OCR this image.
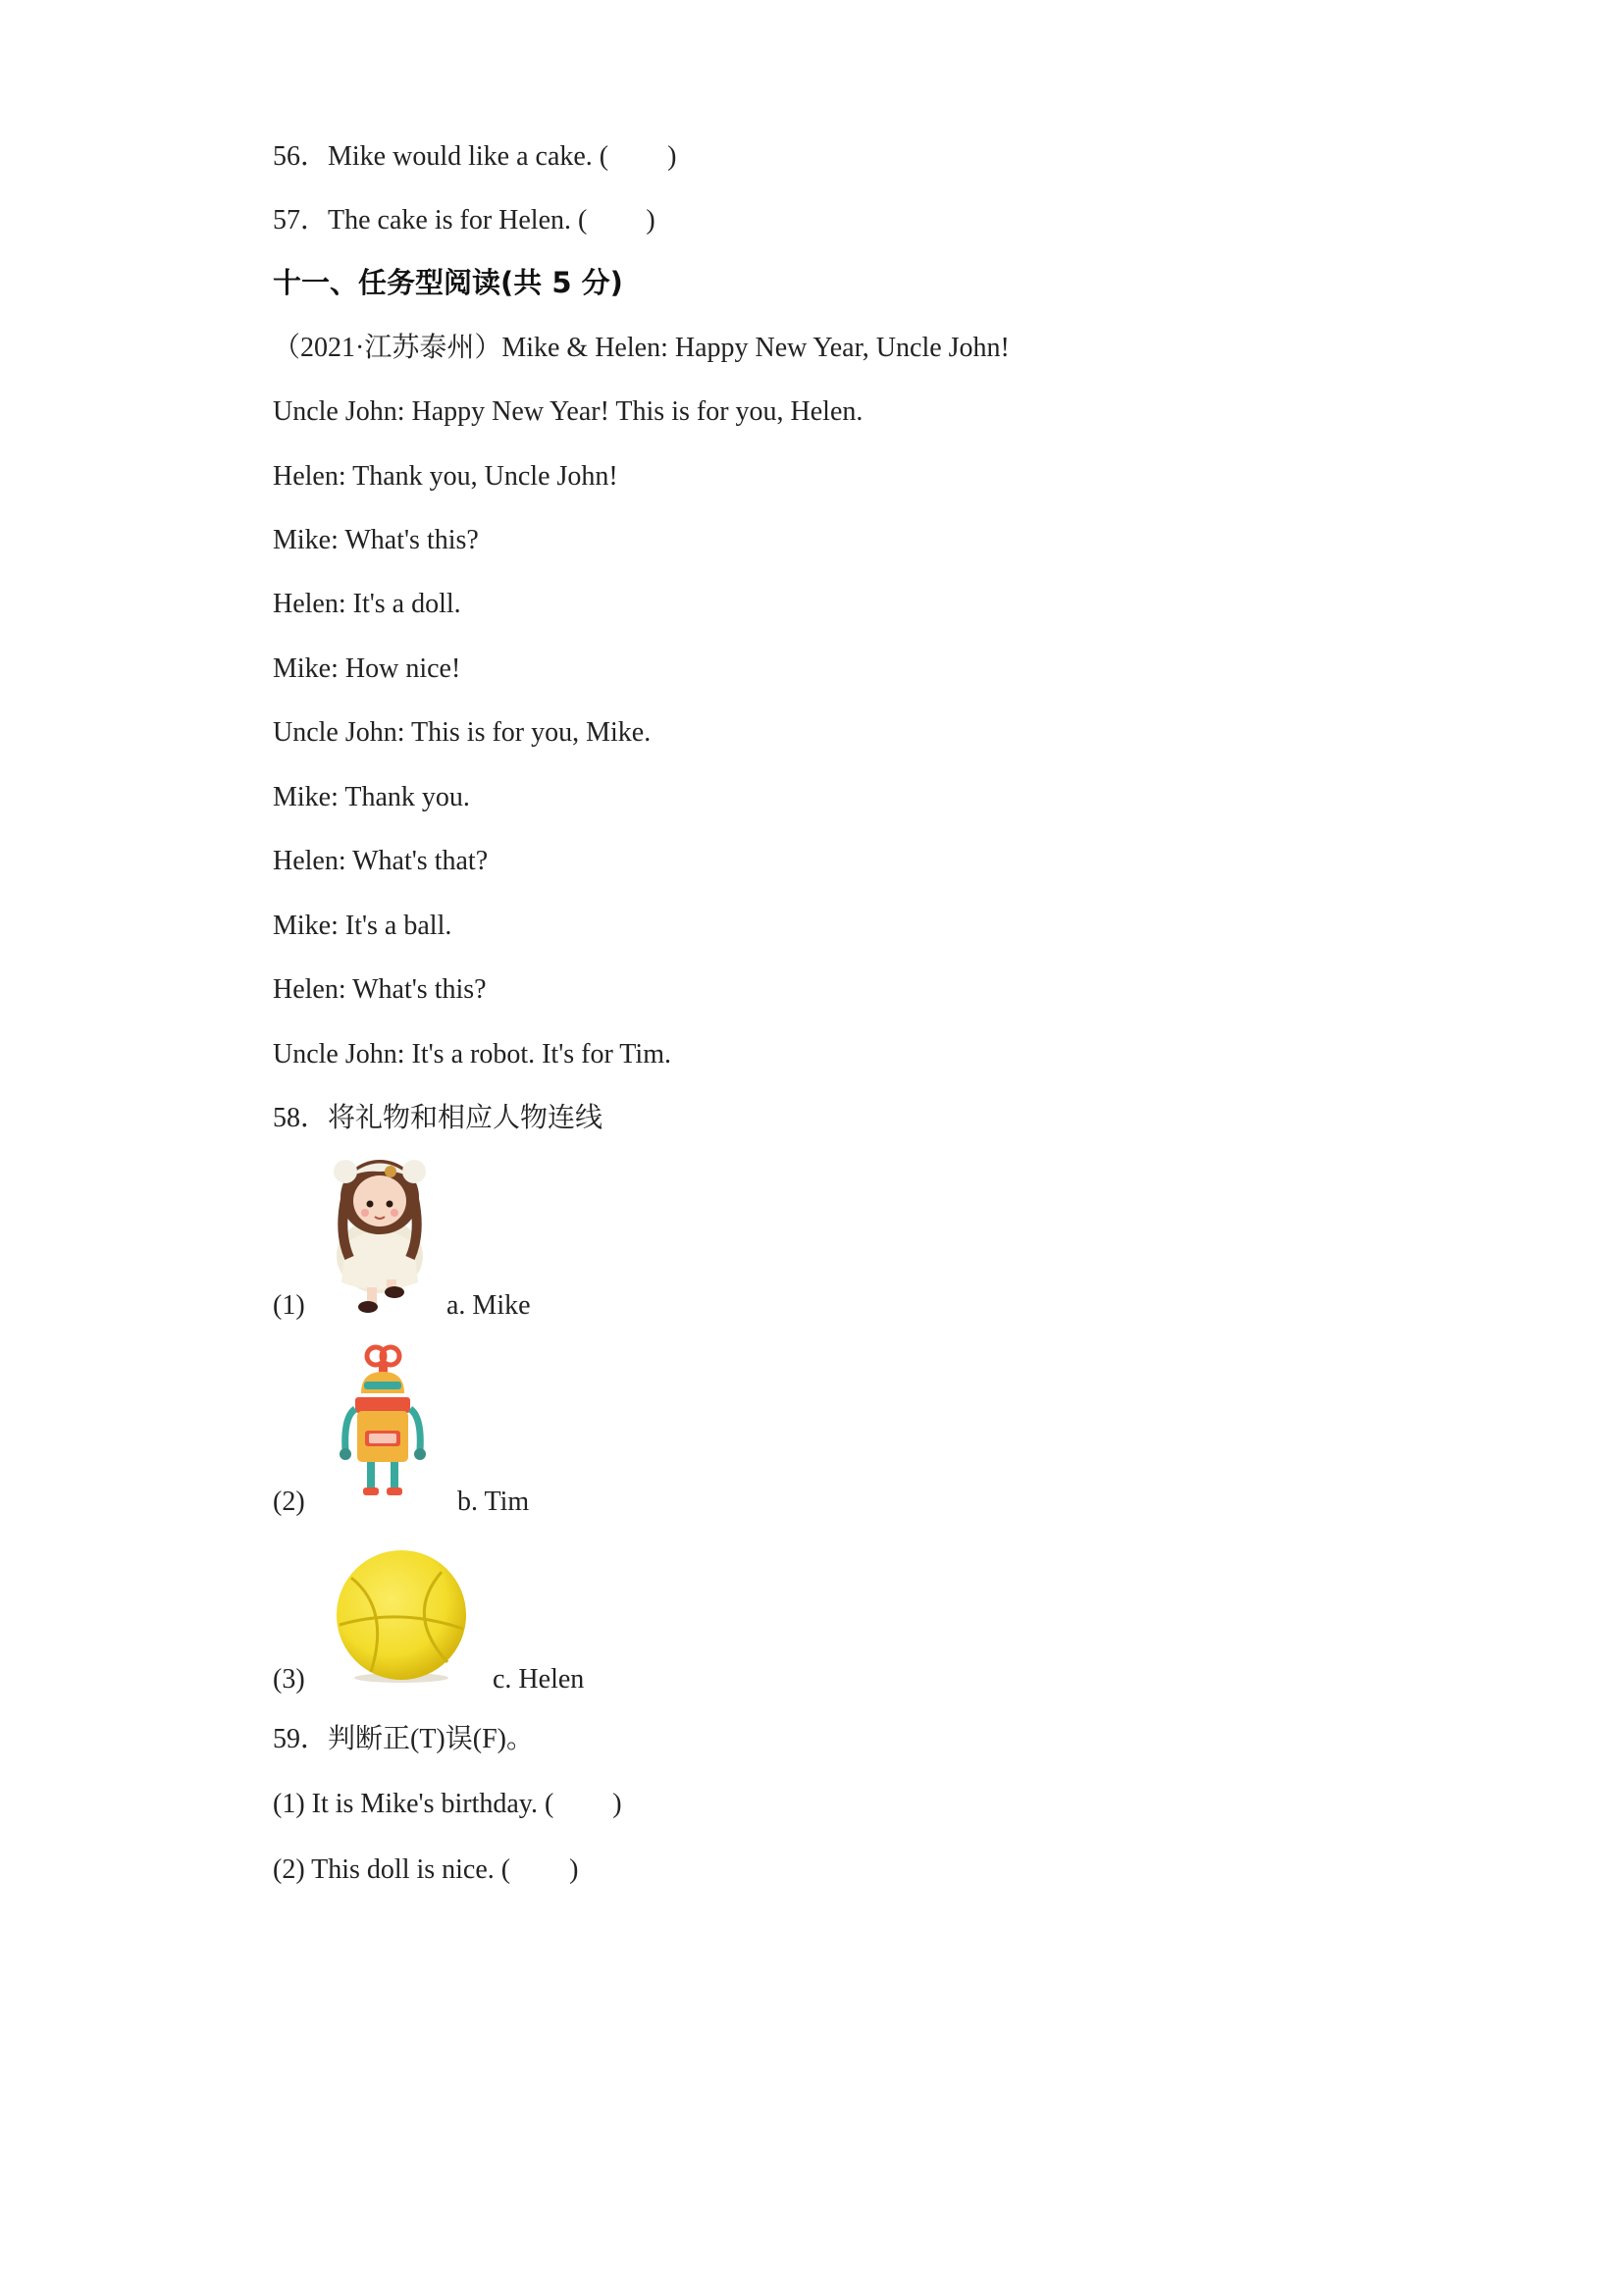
56．Mike would like a cake. ( )
57．The cake is for Helen. ( )
十一、任务型阅读(共 5 分)
（2021·江苏泰州）Mike & Helen: Happy New Year, Uncle John!
Uncle John: Happy New Year! This is for you, Helen.
Helen: Thank you, Uncle John!
Mike: What's this?
Helen: It's a doll.
Mike: How nice!
Uncle John: This is for you, Mike.
Mike: Thank you.
Helen: What's that?
Mike: It's a ball.
Helen: What's this?
Uncle John: It's a robot. It's for Tim.
58．将礼物和相应人物连线
(1)	a. Mike
(2)	b. Tim
(3)	c. Helen
59．判断正(T)误(F)。
(1) It is Mike's birthday. ( )
(2) This doll is nice. ( )
